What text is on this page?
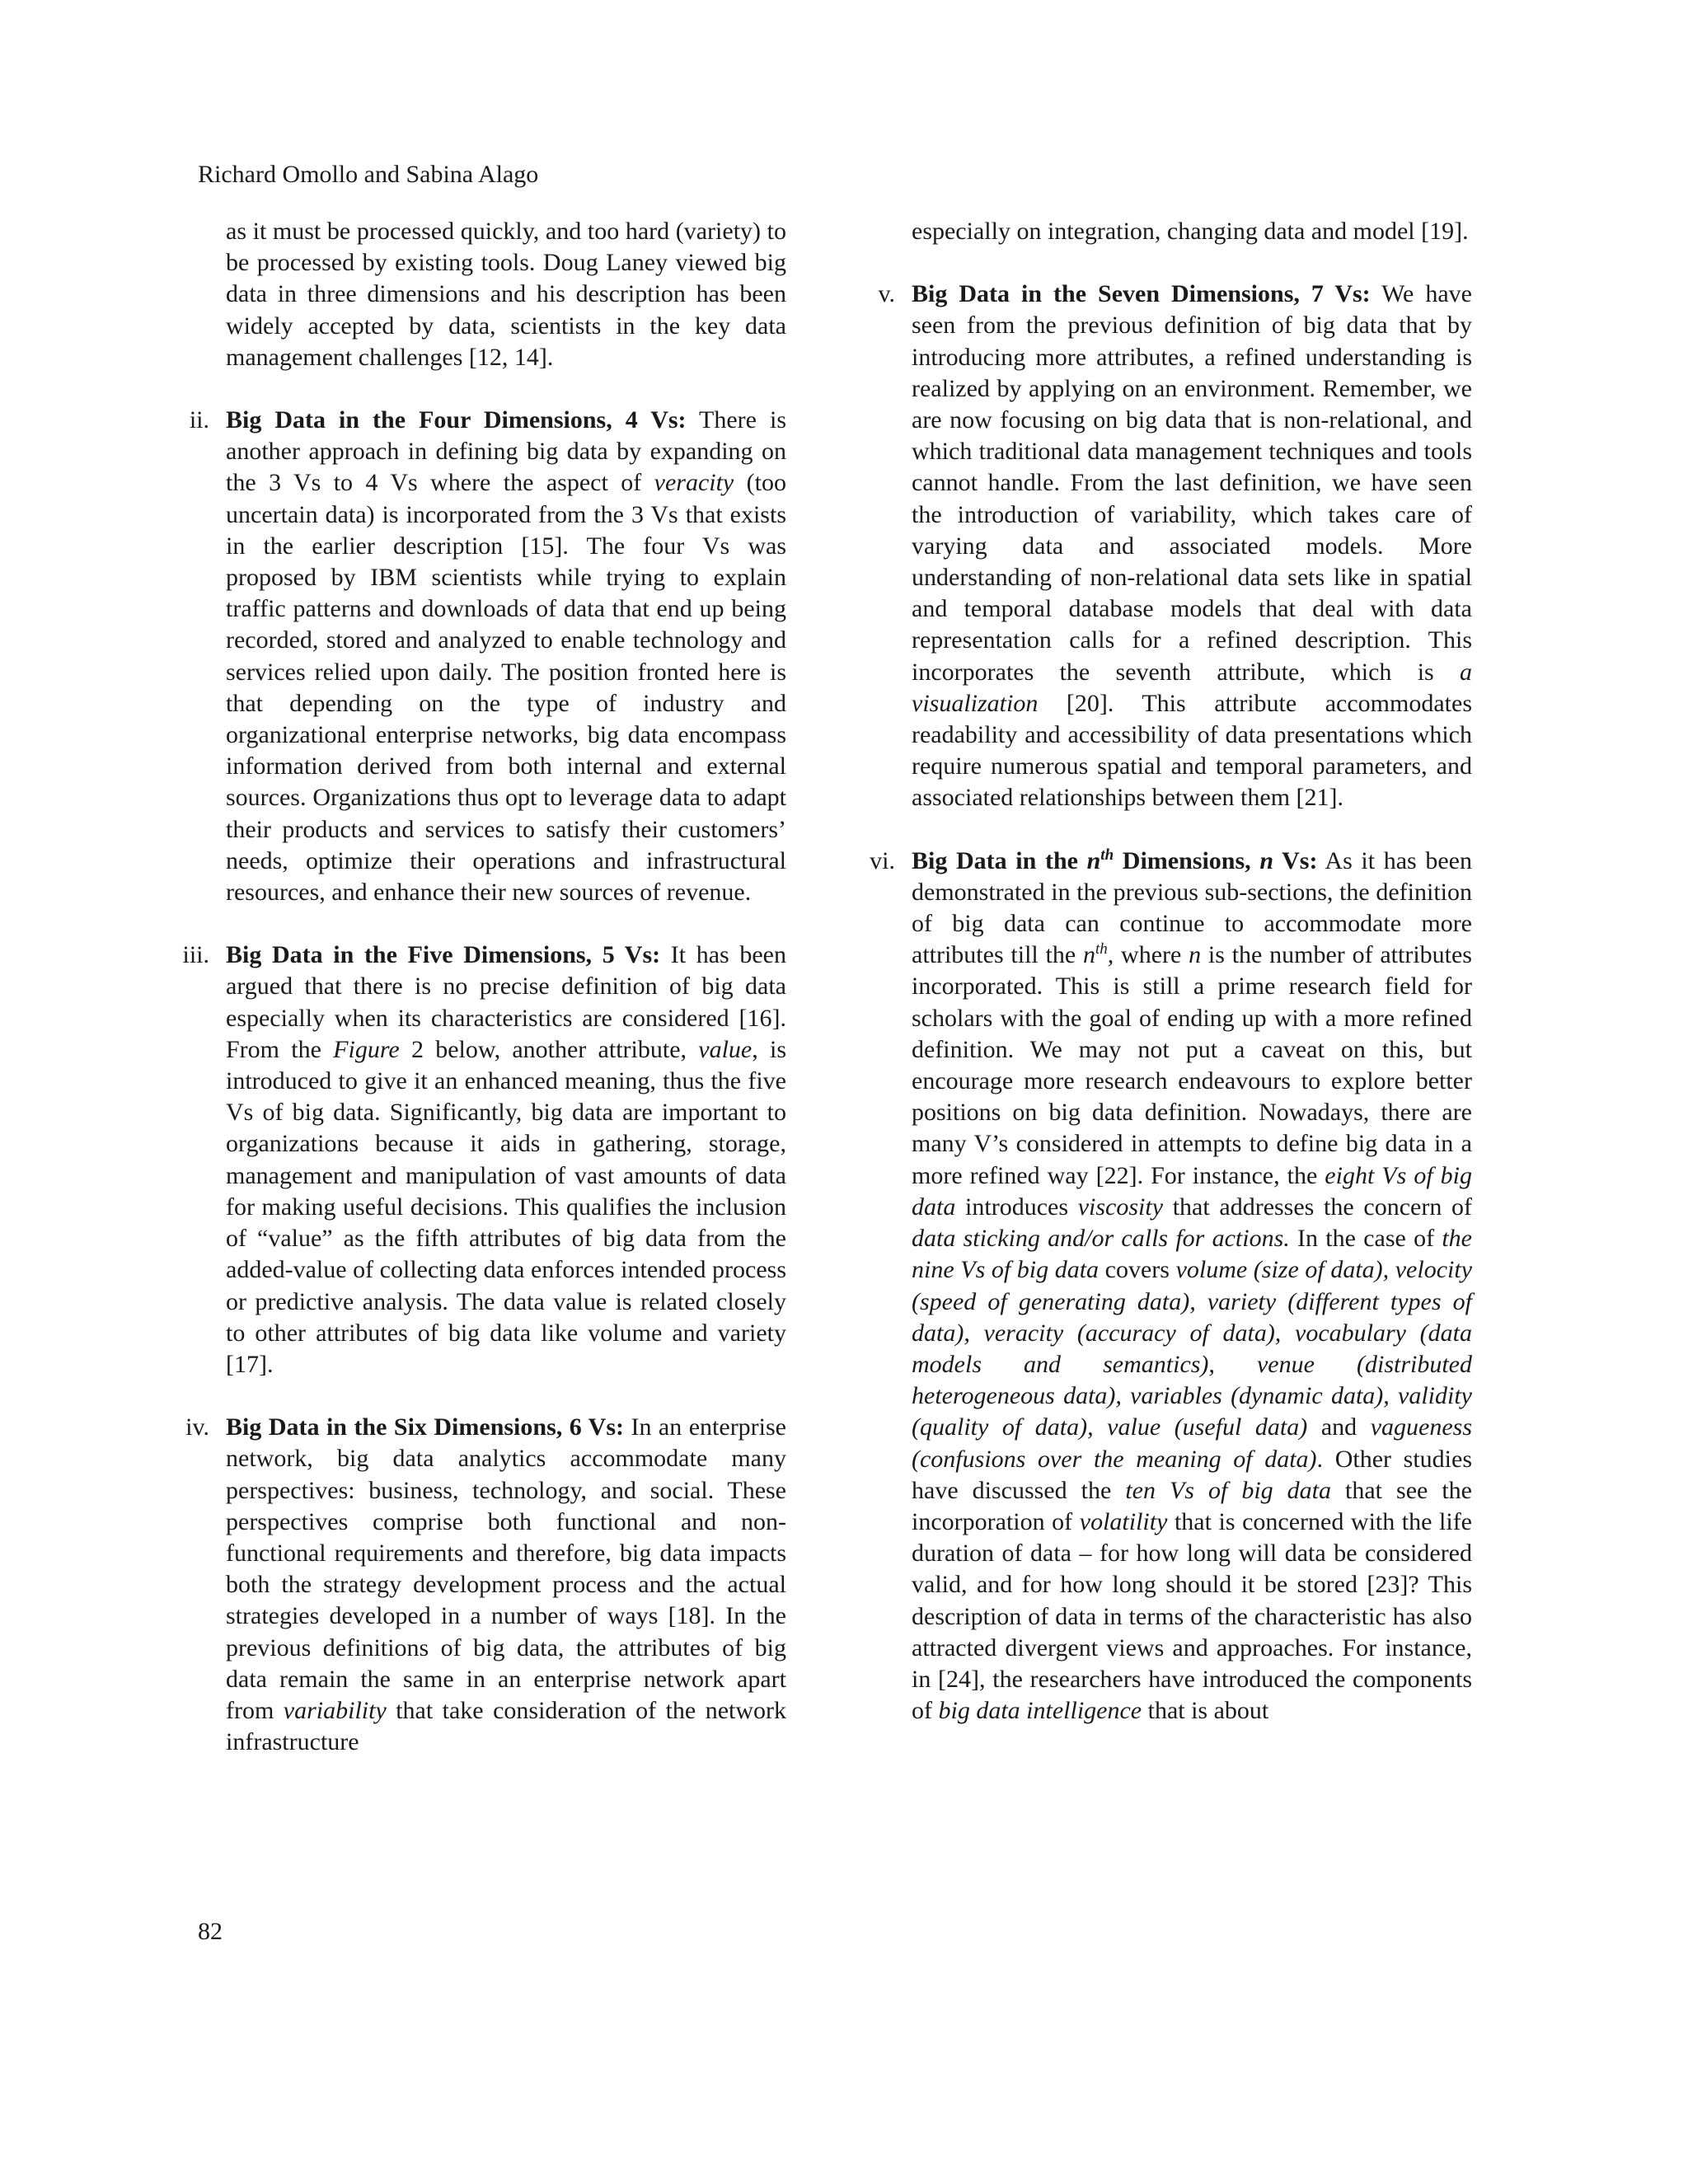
Richard Omollo and Sabina Alago

as it must be processed quickly, and too hard (variety) to be processed by existing tools. Doug Laney viewed big data in three dimensions and his description has been widely accepted by data, scientists in the key data management challenges [12, 14].

ii. Big Data in the Four Dimensions, 4 Vs: There is another approach in defining big data by expanding on the 3 Vs to 4 Vs where the aspect of veracity (too uncertain data) is incorporated from the 3 Vs that exists in the earlier description [15]. The four Vs was proposed by IBM scientists while trying to explain traffic patterns and downloads of data that end up being recorded, stored and analyzed to enable technology and services relied upon daily. The position fronted here is that depending on the type of industry and organizational enterprise networks, big data encompass information derived from both internal and external sources. Organizations thus opt to leverage data to adapt their products and services to satisfy their customers’ needs, optimize their operations and infrastructural resources, and enhance their new sources of revenue.

iii. Big Data in the Five Dimensions, 5 Vs: It has been argued that there is no precise definition of big data especially when its characteristics are considered [16]. From the Figure 2 below, another attribute, value, is introduced to give it an enhanced meaning, thus the five Vs of big data. Significantly, big data are important to organizations because it aids in gathering, storage, management and manipulation of vast amounts of data for making useful decisions. This qualifies the inclusion of “value” as the fifth attributes of big data from the added-value of collecting data enforces intended process or predictive analysis. The data value is related closely to other attributes of big data like volume and variety [17].

iv. Big Data in the Six Dimensions, 6 Vs: In an enterprise network, big data analytics accommodate many perspectives: business, technology, and social. These perspectives comprise both functional and non-functional requirements and therefore, big data impacts both the strategy development process and the actual strategies developed in a number of ways [18]. In the previous definitions of big data, the attributes of big data remain the same in an enterprise network apart from variability that take consideration of the network infrastructure

especially on integration, changing data and model [19].

v. Big Data in the Seven Dimensions, 7 Vs: We have seen from the previous definition of big data that by introducing more attributes, a refined understanding is realized by applying on an environment. Remember, we are now focusing on big data that is non-relational, and which traditional data management techniques and tools cannot handle. From the last definition, we have seen the introduction of variability, which takes care of varying data and associated models. More understanding of non-relational data sets like in spatial and temporal database models that deal with data representation calls for a refined description. This incorporates the seventh attribute, which is a visualization [20]. This attribute accommodates readability and accessibility of data presentations which require numerous spatial and temporal parameters, and associated relationships between them [21].

vi. Big Data in the $n^{th}$ Dimensions, n Vs: As it has been demonstrated in the previous sub-sections, the definition of big data can continue to accommodate more attributes till the $n^{th}$, where n is the number of attributes incorporated. This is still a prime research field for scholars with the goal of ending up with a more refined definition. We may not put a caveat on this, but encourage more research endeavours to explore better positions on big data definition. Nowadays, there are many V’s considered in attempts to define big data in a more refined way [22]. For instance, the eight Vs of big data introduces viscosity that addresses the concern of data sticking and/or calls for actions. In the case of the nine Vs of big data covers volume (size of data), velocity (speed of generating data), variety (different types of data), veracity (accuracy of data), vocabulary (data models and semantics), venue (distributed heterogeneous data), variables (dynamic data), validity (quality of data), value (useful data) and vagueness (confusions over the meaning of data). Other studies have discussed the ten Vs of big data that see the incorporation of volatility that is concerned with the life duration of data – for how long will data be considered valid, and for how long should it be stored [23]? This description of data in terms of the characteristic has also attracted divergent views and approaches. For instance, in [24], the researchers have introduced the components of big data intelligence that is about

82
